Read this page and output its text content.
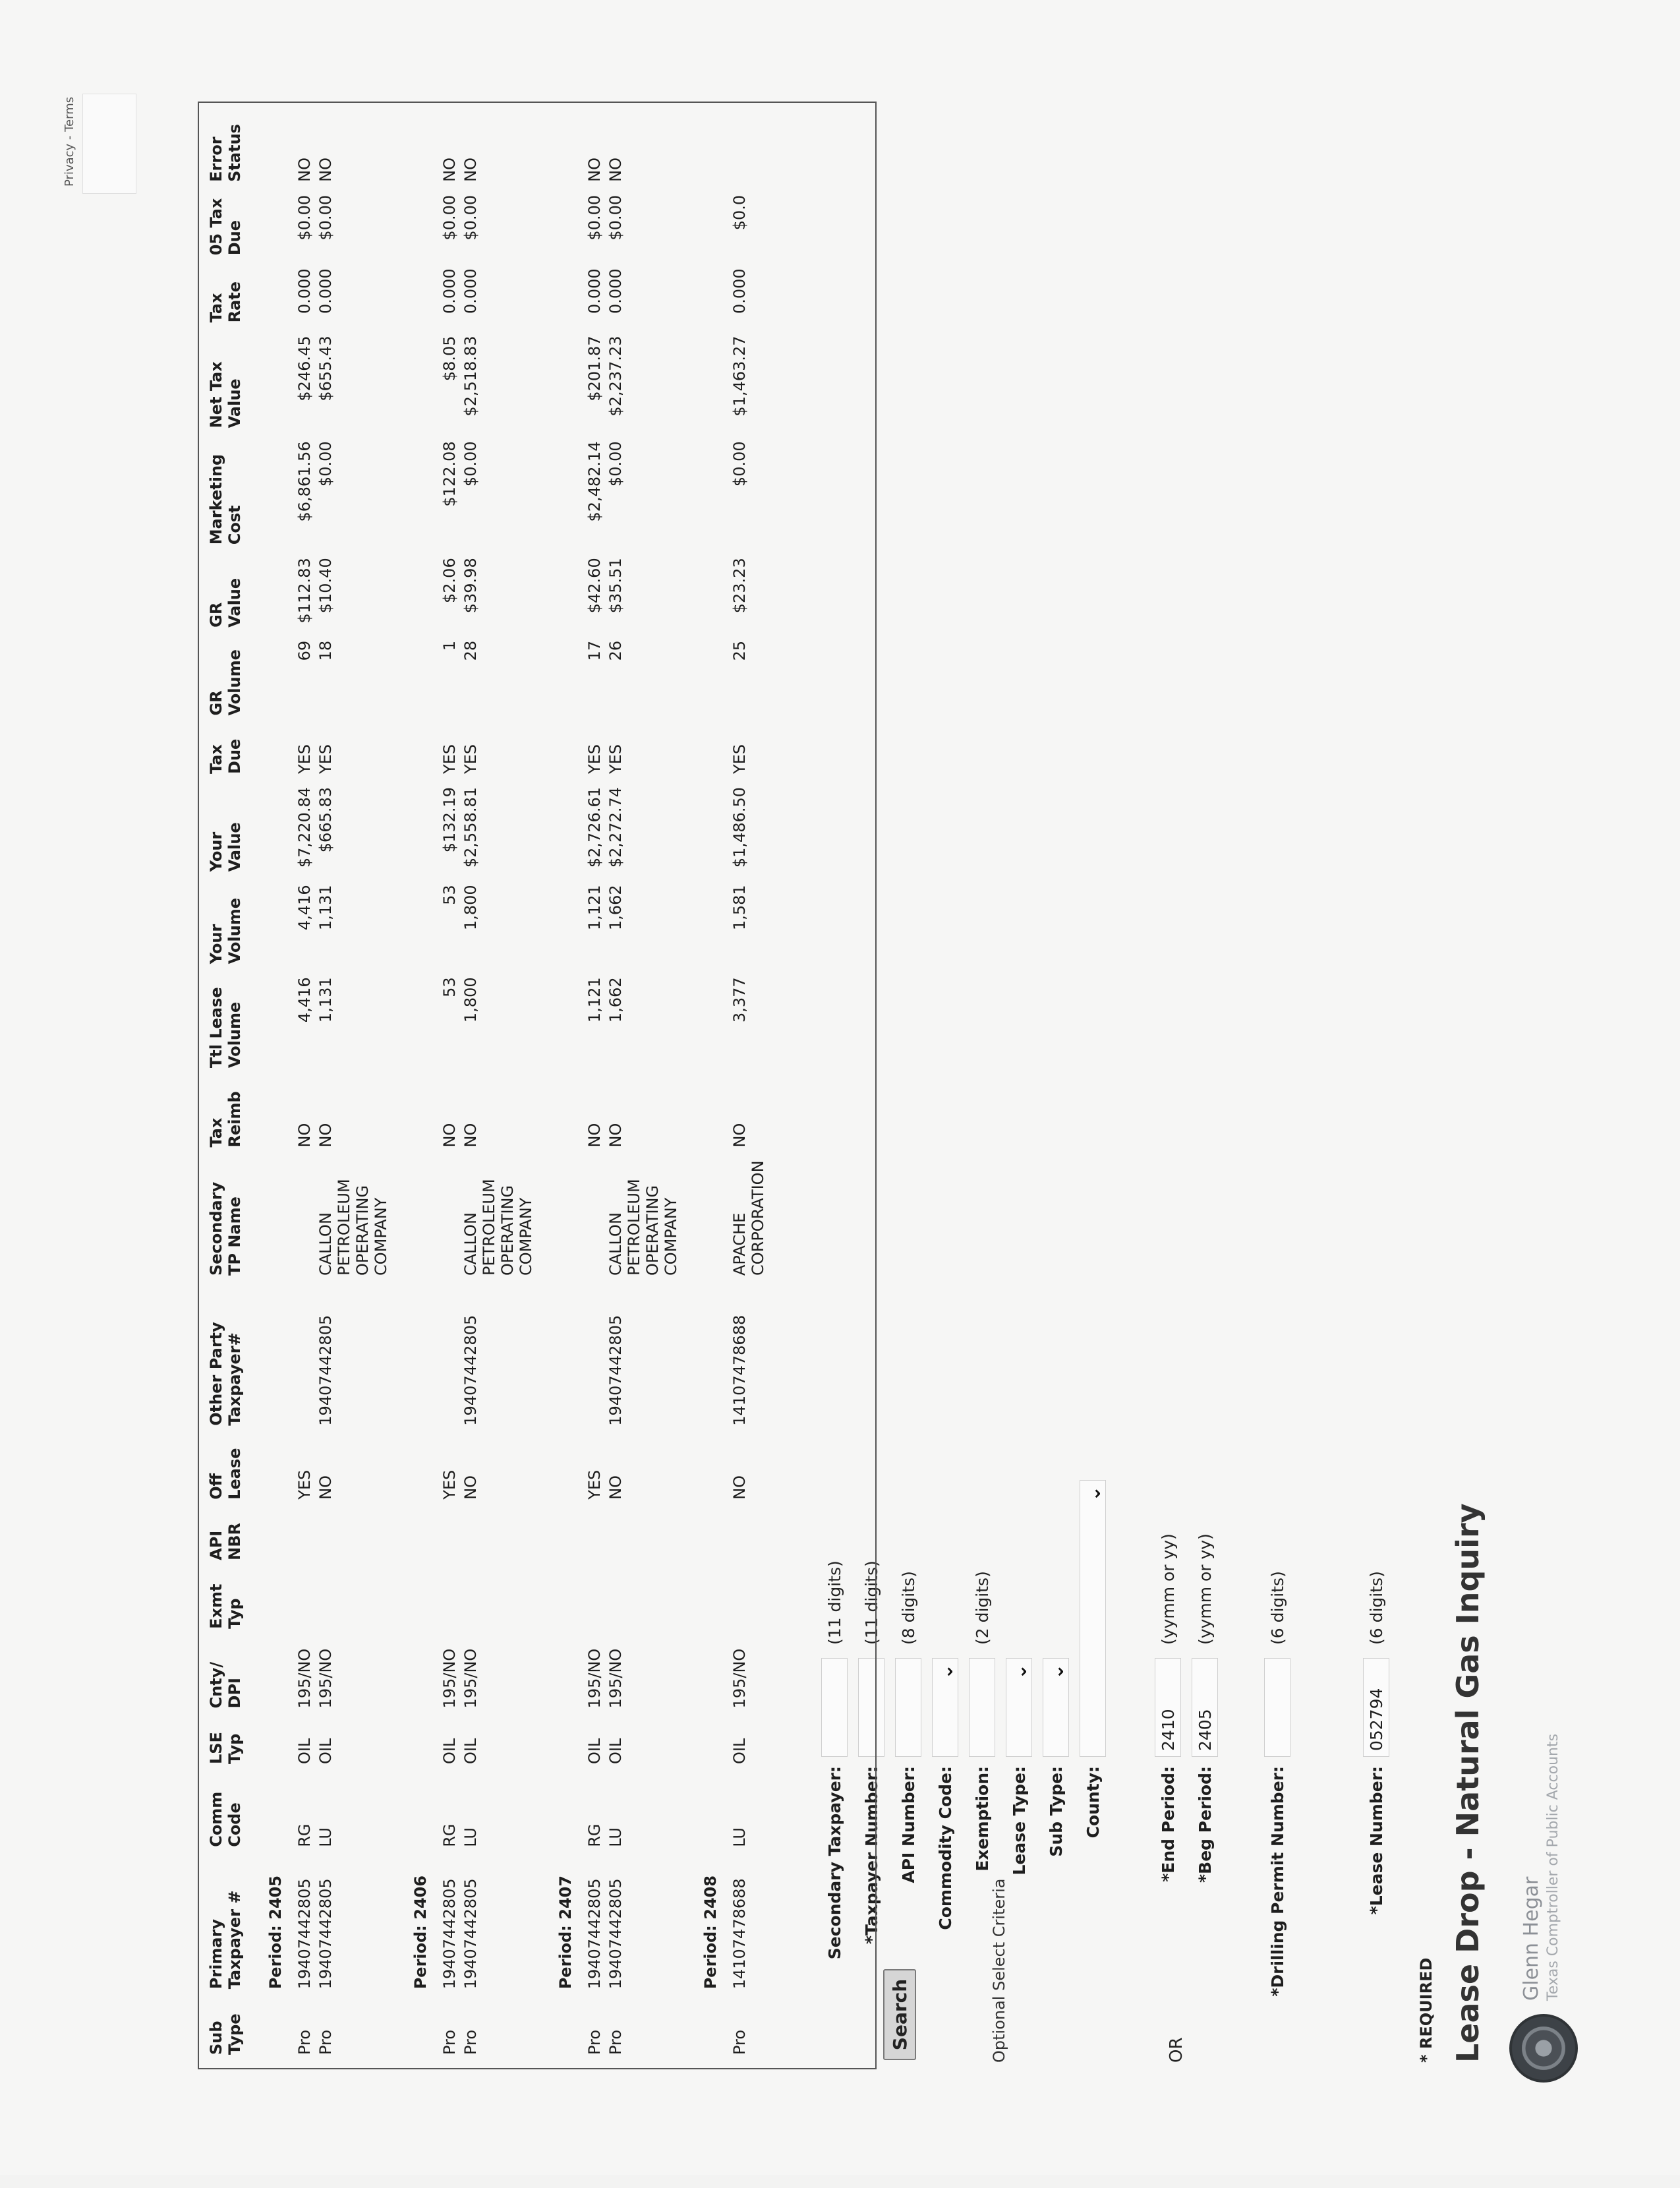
Glenn Hegar Texas Comptroller of Public Accounts
Lease Drop - Natural Gas Inquiry
* REQUIRED
*Lease Number:
052794
(6 digits)
OR
*Drilling Permit Number:
(6 digits)
*Beg Period:
2405
(yymm or yy)
*End Period:
2410
(yymm or yy)
Optional Select Criteria
County:
⌄
Sub Type:
⌄
Lease Type:
⌄
Exemption:
(2 digits)
Commodity Code:
⌄
API Number:
(8 digits)
*Taxpayer Number:
(11 digits)
Secondary Taxpayer:
(11 digits)
Search
Sub Type	Primary Taxpayer #	Comm Code	LSE Typ	Cnty/ DPI	Exmt Typ	API NBR	Off Lease	Other Party Taxpayer#	Secondary TP Name	Tax Reimb	Ttl Lease Volume	Your Volume	Your Value	Tax Due	GR Volume	GR Value	Marketing Cost	Net Tax Value	Tax Rate	05 Tax Due	Error Status
	Period: 2405																				
Pro	19407442805	RG	OIL	195/NO			YES			NO	4,416	4,416	$7,220.84	YES	69	$112.83	$6,861.56	$246.45	0.000	$0.00	NO
Pro	19407442805	LU	OIL	195/NO			NO	19407442805	CALLON PETROLEUM OPERATING COMPANY	NO	1,131	1,131	$665.83	YES	18	$10.40	$0.00	$655.43	0.000	$0.00	NO
	Period: 2406																				
Pro	19407442805	RG	OIL	195/NO			YES			NO	53	53	$132.19	YES	1	$2.06	$122.08	$8.05	0.000	$0.00	NO
Pro	19407442805	LU	OIL	195/NO			NO	19407442805	CALLON PETROLEUM OPERATING COMPANY	NO	1,800	1,800	$2,558.81	YES	28	$39.98	$0.00	$2,518.83	0.000	$0.00	NO
	Period: 2407																				
Pro	19407442805	RG	OIL	195/NO			YES			NO	1,121	1,121	$2,726.61	YES	17	$42.60	$2,482.14	$201.87	0.000	$0.00	NO
Pro	19407442805	LU	OIL	195/NO			NO	19407442805	CALLON PETROLEUM OPERATING COMPANY	NO	1,662	1,662	$2,272.74	YES	26	$35.51	$0.00	$2,237.23	0.000	$0.00	NO
	Period: 2408																				
Pro	14107478688	LU	OIL	195/NO			NO	14107478688	APACHE CORPORATION	NO	3,377	1,581	$1,486.50	YES	25	$23.23	$0.00	$1,463.27	0.000	$0.0	
Privacy - Terms
